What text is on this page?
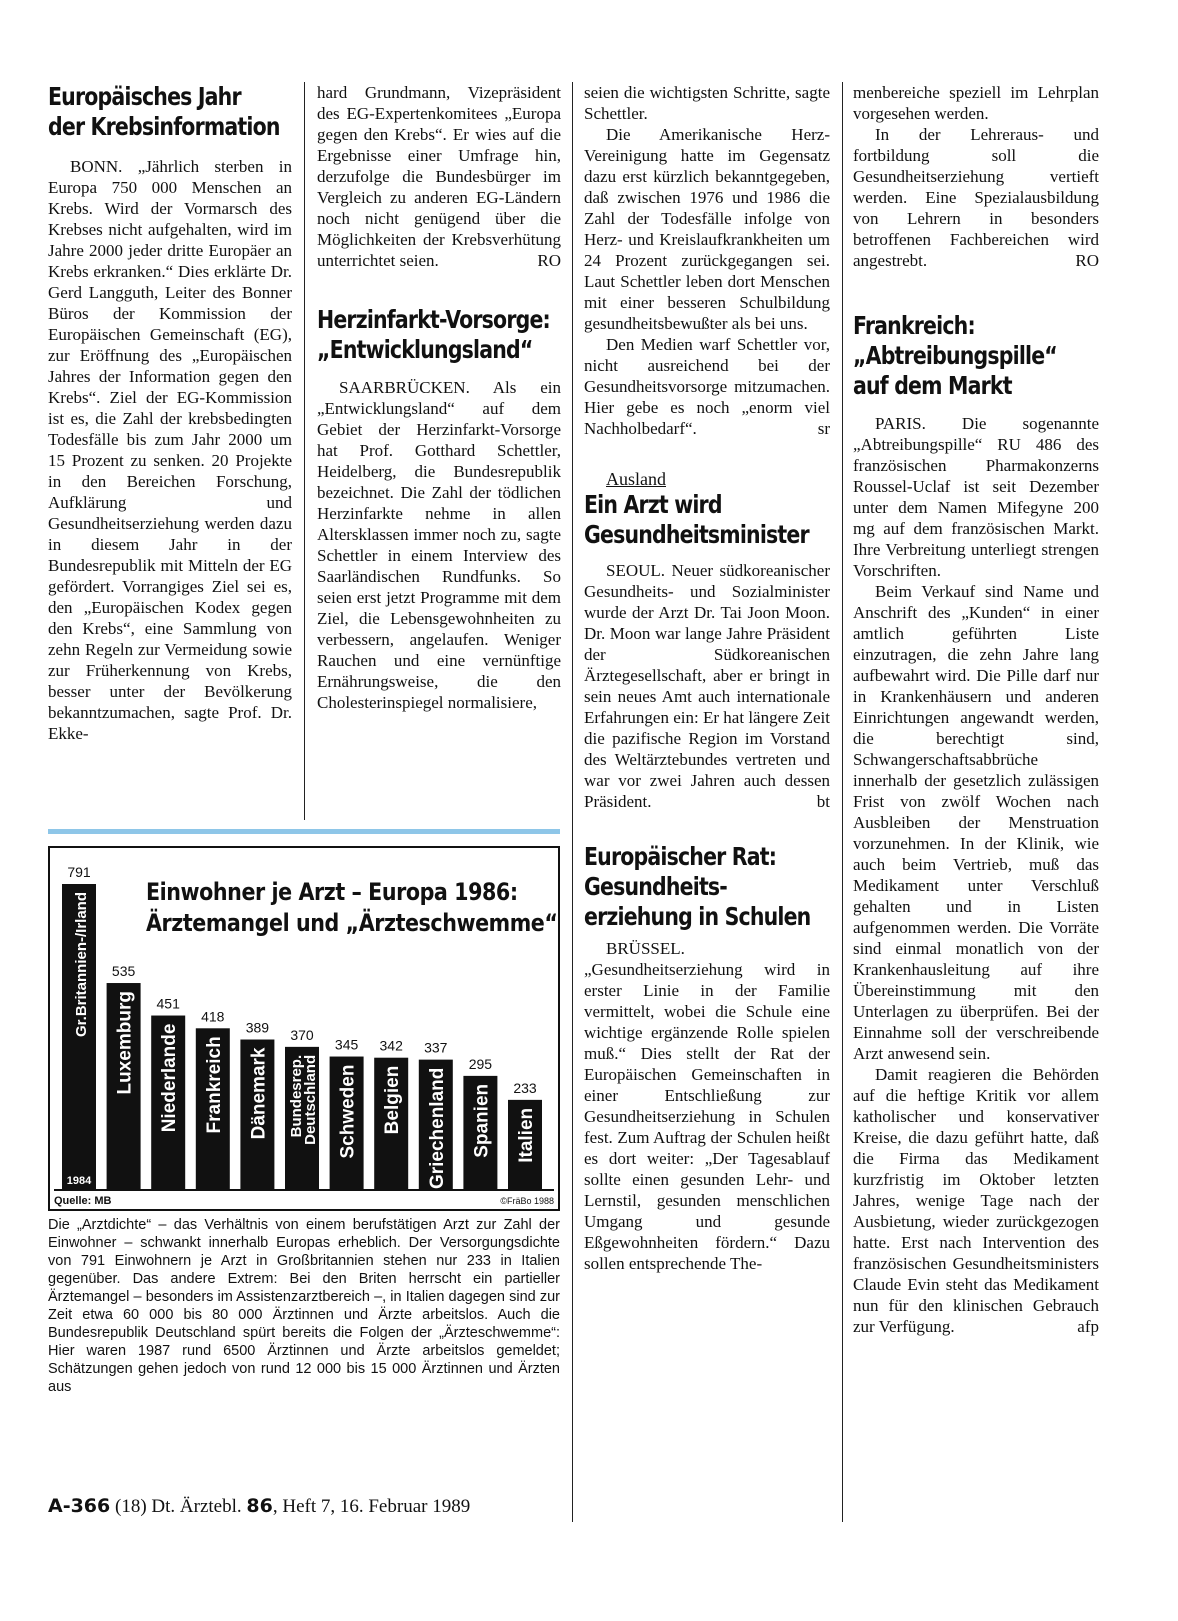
Europäisches Jahr
der Krebsinformation

BONN. „Jährlich sterben in Europa 750 000 Menschen an Krebs. Wird der Vormarsch des Krebses nicht aufgehalten, wird im Jahre 2000 jeder dritte Europäer an Krebs erkranken.“ Dies erklärte Dr. Gerd Langguth, Leiter des Bonner Büros der Kommission der Europäischen Gemeinschaft (EG), zur Eröffnung des „Europäischen Jahres der Information gegen den Krebs“. Ziel der EG-Kommission ist es, die Zahl der krebsbedingten Todesfälle bis zum Jahr 2000 um 15 Prozent zu senken. 20 Projekte in den Bereichen Forschung, Aufklärung und Gesundheitserziehung werden dazu in diesem Jahr in der Bundesrepublik mit Mitteln der EG gefördert. Vorrangiges Ziel sei es, den „Europäischen Kodex gegen den Krebs“, eine Sammlung von zehn Regeln zur Vermeidung sowie zur Früherkennung von Krebs, besser unter der Bevölkerung bekanntzumachen, sagte Prof. Dr. Ekke-

hard Grundmann, Vizepräsident des EG-Expertenkomitees „Europa gegen den Krebs“. Er wies auf die Ergebnisse einer Umfrage hin, derzufolge die Bundesbürger im Vergleich zu anderen EG-Ländern noch nicht genügend über die Möglichkeiten der Krebsverhütung unterrichtet seien.	RO

Herzinfarkt-Vorsorge:
„Entwicklungsland“

SAARBRÜCKEN. Als ein „Entwicklungsland“ auf dem Gebiet der Herzinfarkt-Vorsorge hat Prof. Gotthard Schettler, Heidelberg, die Bundesrepublik bezeichnet. Die Zahl der tödlichen Herzinfarkte nehme in allen Altersklassen immer noch zu, sagte Schettler in einem Interview des Saarländischen Rundfunks. So seien erst jetzt Programme mit dem Ziel, die Lebensgewohnheiten zu verbessern, angelaufen. Weniger Rauchen und eine vernünftige Ernährungsweise, die den Cholesterinspiegel normalisiere,

seien die wichtigsten Schritte, sagte Schettler.

Die Amerikanische Herz-Vereinigung hatte im Gegensatz dazu erst kürzlich bekanntgegeben, daß zwischen 1976 und 1986 die Zahl der Todesfälle infolge von Herz- und Kreislaufkrankheiten um 24 Prozent zurückgegangen sei. Laut Schettler leben dort Menschen mit einer besseren Schulbildung gesundheitsbewußter als bei uns.

Den Medien warf Schettler vor, nicht ausreichend bei der Gesundheitsvorsorge mitzumachen. Hier gebe es noch „enorm viel Nachholbedarf“.	sr

Ausland

Ein Arzt wird
Gesundheitsminister

SEOUL. Neuer südkoreanischer Gesundheits- und Sozialminister wurde der Arzt Dr. Tai Joon Moon. Dr. Moon war lange Jahre Präsident der Südkoreanischen Ärztegesellschaft, aber er bringt in sein neues Amt auch internationale Erfahrungen ein: Er hat längere Zeit die pazifische Region im Vorstand des Weltärztebundes vertreten und war vor zwei Jahren auch dessen Präsident.	bt

Europäischer Rat:
Gesundheits-
erziehung in Schulen

BRÜSSEL. „Gesundheitserziehung wird in erster Linie in der Familie vermittelt, wobei die Schule eine wichtige ergänzende Rolle spielen muß.“ Dies stellt der Rat der Europäischen Gemeinschaften in einer Entschließung zur Gesundheitserziehung in Schulen fest. Zum Auftrag der Schulen heißt es dort weiter: „Der Tagesablauf sollte einen gesunden Lehr- und Lernstil, gesunden menschlichen Umgang und gesunde Eßgewohnheiten fördern.“ Dazu sollen entsprechende The-

menbereiche speziell im Lehrplan vorgesehen werden.

In der Lehreraus- und fortbildung soll die Gesundheitserziehung vertieft werden. Eine Spezialausbildung von Lehrern in besonders betroffenen Fachbereichen wird angestrebt.	RO

Frankreich:
„Abtreibungspille“
auf dem Markt

PARIS. Die sogenannte „Abtreibungspille“ RU 486 des französischen Pharmakonzerns Roussel-Uclaf ist seit Dezember unter dem Namen Mifegyne 200 mg auf dem französischen Markt. Ihre Verbreitung unterliegt strengen Vorschriften.

Beim Verkauf sind Name und Anschrift des „Kunden“ in einer amtlich geführten Liste einzutragen, die zehn Jahre lang aufbewahrt wird. Die Pille darf nur in Krankenhäusern und anderen Einrichtungen angewandt werden, die berechtigt sind, Schwangerschaftsabbrüche innerhalb der gesetzlich zulässigen Frist von zwölf Wochen nach Ausbleiben der Menstruation vorzunehmen. In der Klinik, wie auch beim Vertrieb, muß das Medikament unter Verschluß gehalten und in Listen aufgenommen werden. Die Vorräte sind einmal monatlich von der Krankenhausleitung auf ihre Übereinstimmung mit den Unterlagen zu überprüfen. Bei der Einnahme soll der verschreibende Arzt anwesend sein.

Damit reagieren die Behörden auf die heftige Kritik vor allem katholischer und konservativer Kreise, die dazu geführt hatte, daß die Firma das Medikament kurzfristig im Oktober letzten Jahres, wenige Tage nach der Ausbietung, wieder zurückgezogen hatte. Erst nach Intervention des französischen Gesundheitsministers Claude Evin steht das Medikament nun für den klinischen Gebrauch zur Verfügung.	afp

Einwohner je Arzt – Europa 1986:
Ärztemangel und „Ärzteschwemme“
791
Gr.Britannien-/Irland 535
Luxemburg 451
Niederlande
418
Frankreich
389
Dänemark
370
Bundesrep.
Deutschland
345
Schweden
342
Belgien
337
Griechenland
295
Spanien 233
Italien
1984
Quelle: MB	©FräBo 1988
Die „Arztdichte“ – das Verhältnis von einem berufstätigen Arzt zur Zahl der Einwohner – schwankt innerhalb Europas erheblich. Der Versorgungsdichte von 791 Einwohnern je Arzt in Großbritannien stehen nur 233 in Italien gegenüber. Das andere Extrem: Bei den Briten herrscht ein partieller Ärztemangel – besonders im Assistenzarztbereich –, in Italien dagegen sind zur Zeit etwa 60 000 bis 80 000 Ärztinnen und Ärzte arbeitslos. Auch die Bundesrepublik Deutschland spürt bereits die Folgen der „Ärzteschwemme“: Hier waren 1987 rund 6500 Ärztinnen und Ärzte arbeitslos gemeldet; Schätzungen gehen jedoch von rund 12 000 bis 15 000 Ärztinnen und Ärzten aus
A-366 (18) Dt. Ärztebl. 86, Heft 7, 16. Februar 1989
